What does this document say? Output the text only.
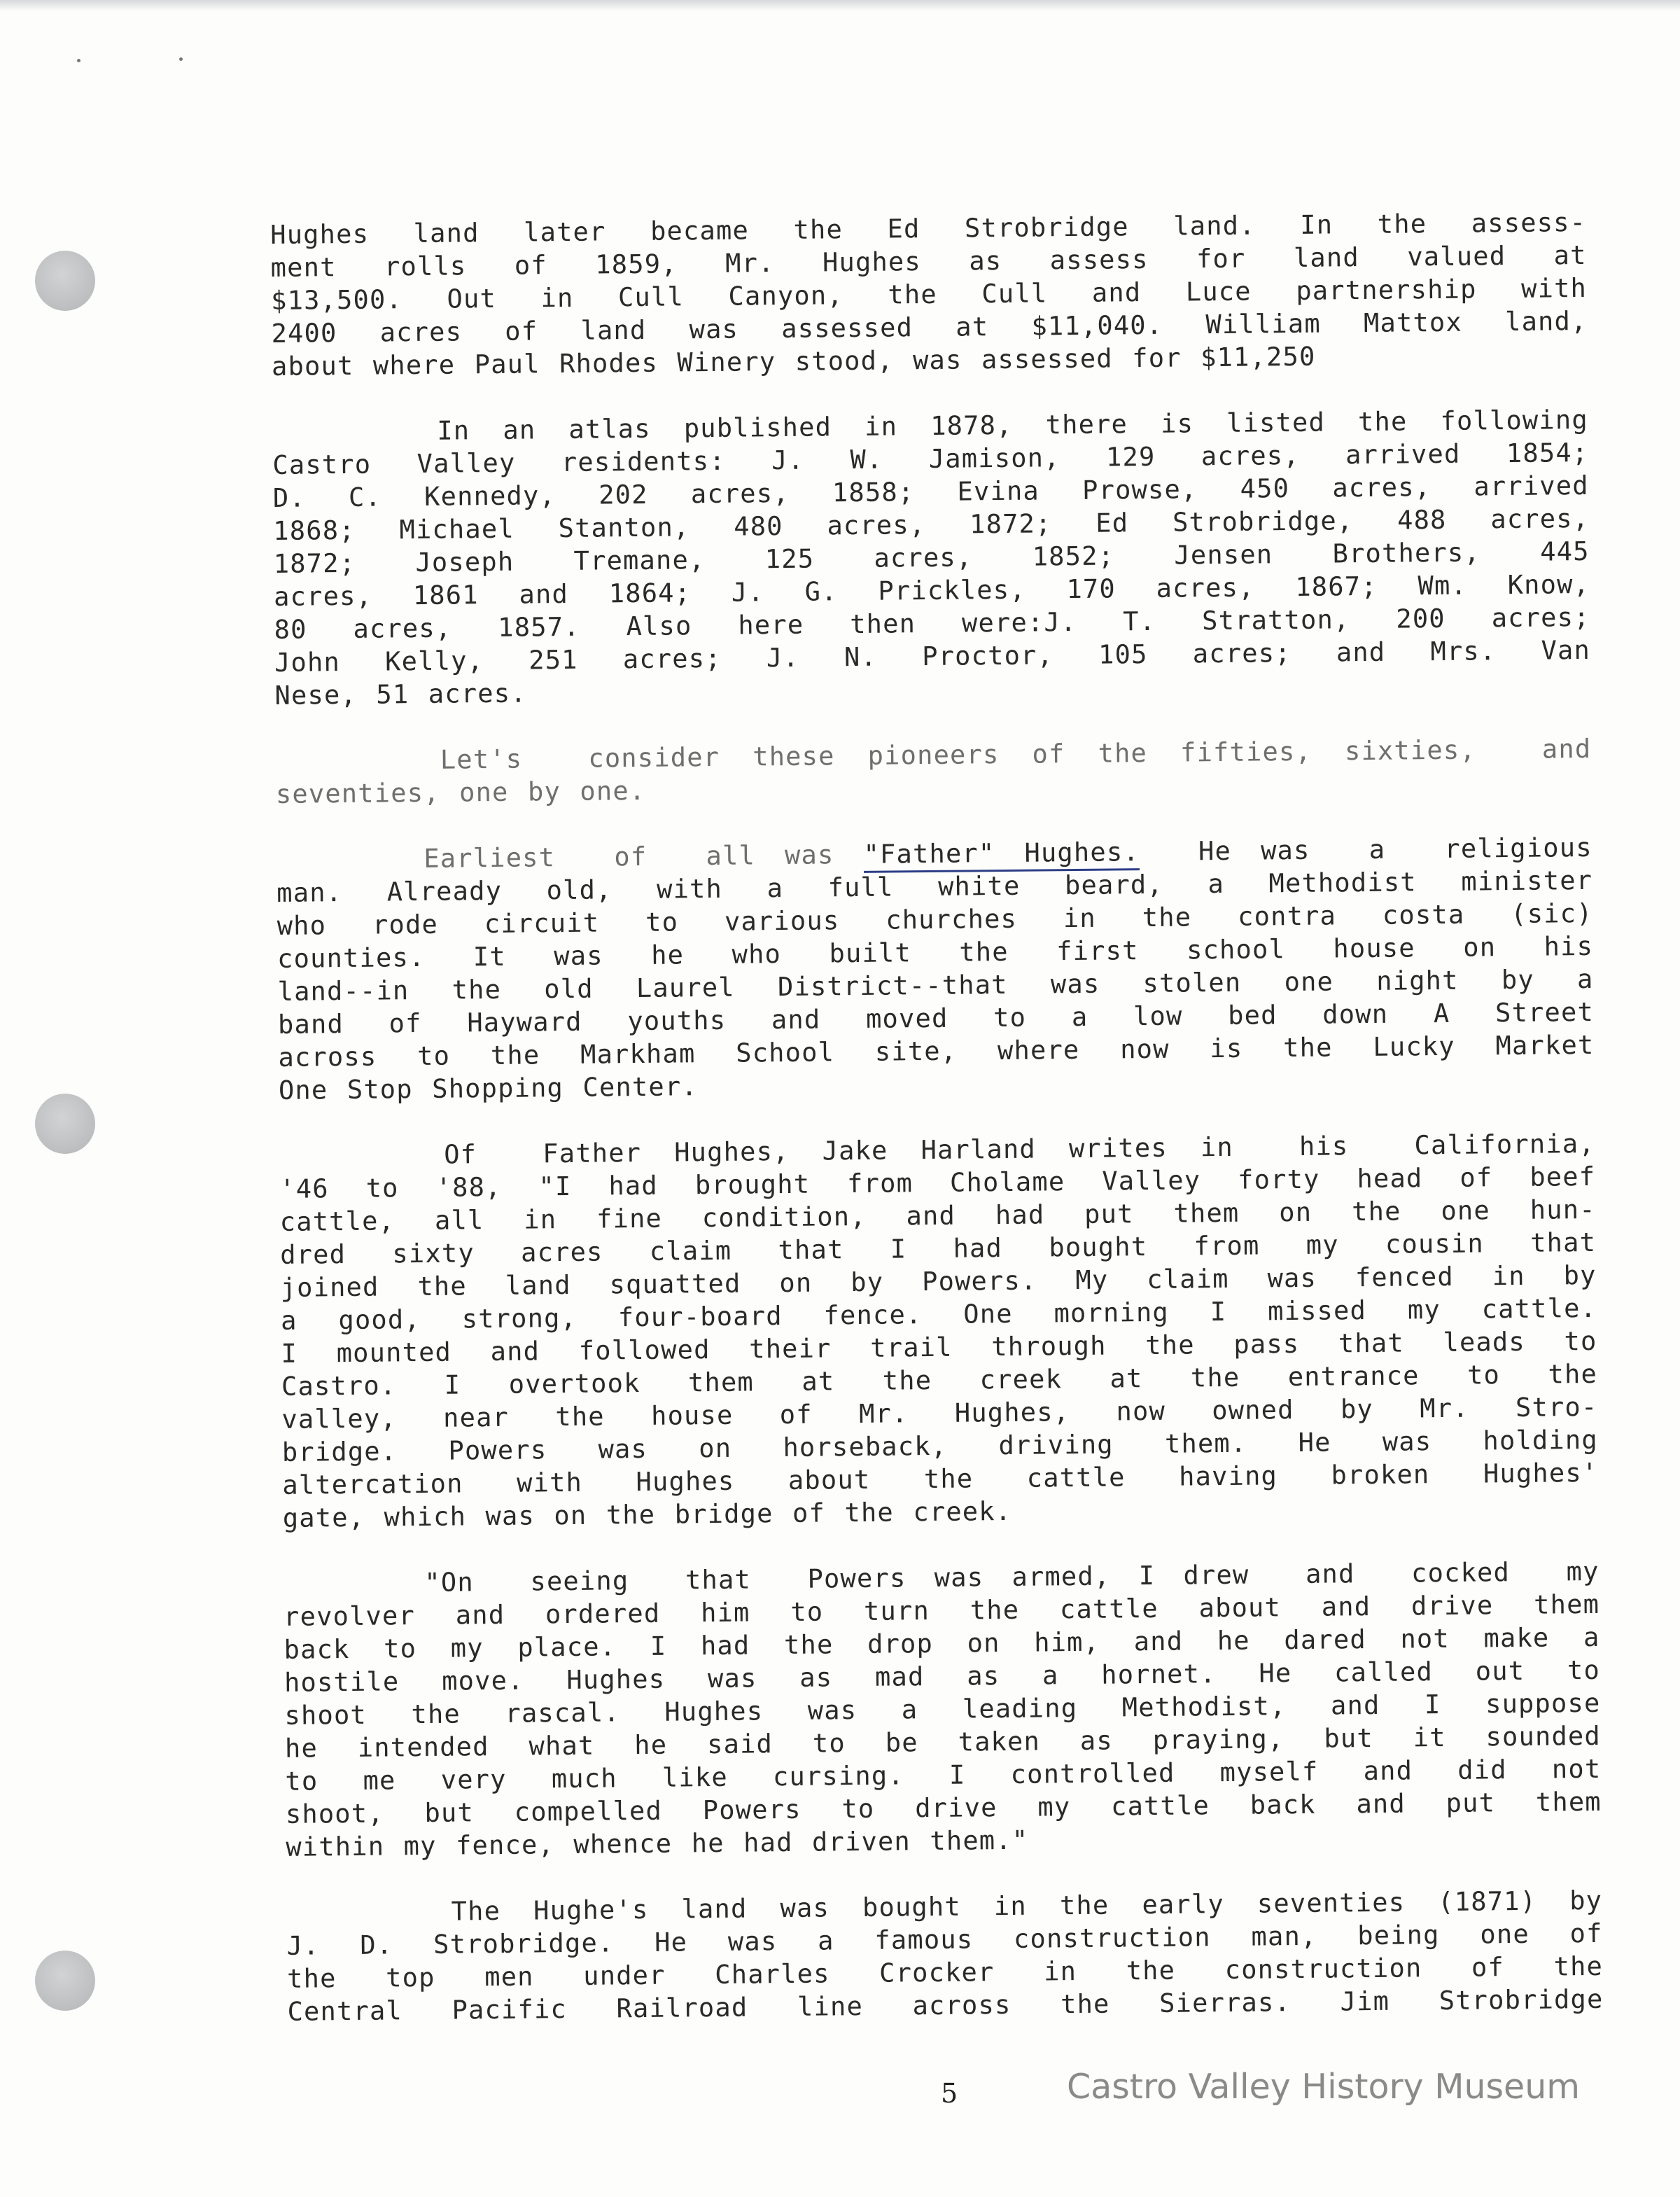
Hughes land later became the Ed Strobridge land. In the assess-

ment rolls of 1859, Mr. Hughes as assess for land valued at

$13,500. Out in Cull Canyon, the Cull and Luce partnership with

2400 acres of land was assessed at $11,040. William Mattox land,

about where Paul Rhodes Winery stood, was assessed for $11,250

In an atlas published in 1878, there is listed the following

Castro Valley residents: J. W. Jamison, 129 acres, arrived 1854;

D. C. Kennedy, 202 acres, 1858; Evina Prowse, 450 acres, arrived

1868; Michael Stanton, 480 acres, 1872; Ed Strobridge, 488 acres,

1872; Joseph Tremane, 125 acres, 1852; Jensen Brothers, 445

acres, 1861 and 1864; J. G. Prickles, 170 acres, 1867; Wm. Know,

80 acres, 1857. Also here then were:J. T. Stratton, 200 acres;

John Kelly, 251 acres; J. N. Proctor, 105 acres; and Mrs. Van

Nese, 51 acres.

Let's  consider these pioneers of the fifties, sixties,  and

seventies, one by one.

Earliest  of  all was "Father" Hughes.  He was  a  religious

man. Already old, with a full white beard, a Methodist minister

who rode circuit to various churches in the contra costa (sic)

counties. It was he who built the first school house on his

land--in the old Laurel District--that was stolen one night by a

band of Hayward youths and moved to a low bed down A Street

across to the Markham School site, where now is the Lucky Market

One Stop Shopping Center.

Of  Father Hughes, Jake Harland writes in  his  California,

'46 to '88, "I had brought from Cholame Valley forty head of beef

cattle, all in fine condition, and had put them on the one hun-

dred sixty acres claim that I had bought from my cousin that

joined the land squatted on by Powers. My claim was fenced in by

a good, strong, four-board fence. One morning I missed my cattle.

I mounted and followed their trail through the pass that leads to

Castro. I overtook them at the creek at the entrance to the

valley, near the house of Mr. Hughes, now owned by Mr. Stro-

bridge. Powers was on horseback, driving them. He was holding

altercation with Hughes about the cattle having broken Hughes'

gate, which was on the bridge of the creek.

"On  seeing  that  Powers was armed, I drew  and  cocked  my

revolver and ordered him to turn the cattle about and drive them

back to my place. I had the drop on him, and he dared not make a

hostile move. Hughes was as mad as a hornet. He called out to

shoot the rascal. Hughes was a leading Methodist, and I suppose

he intended what he said to be taken as praying, but it sounded

to me very much like cursing. I controlled myself and did not

shoot, but compelled Powers to drive my cattle back and put them

within my fence, whence he had driven them."

The Hughe's land was bought in the early seventies (1871) by

J. D. Strobridge. He was a famous construction man, being one of

the top men under Charles Crocker in the construction of the

Central Pacific Railroad line across the Sierras. Jim Strobridge

5	Castro Valley History Museum
